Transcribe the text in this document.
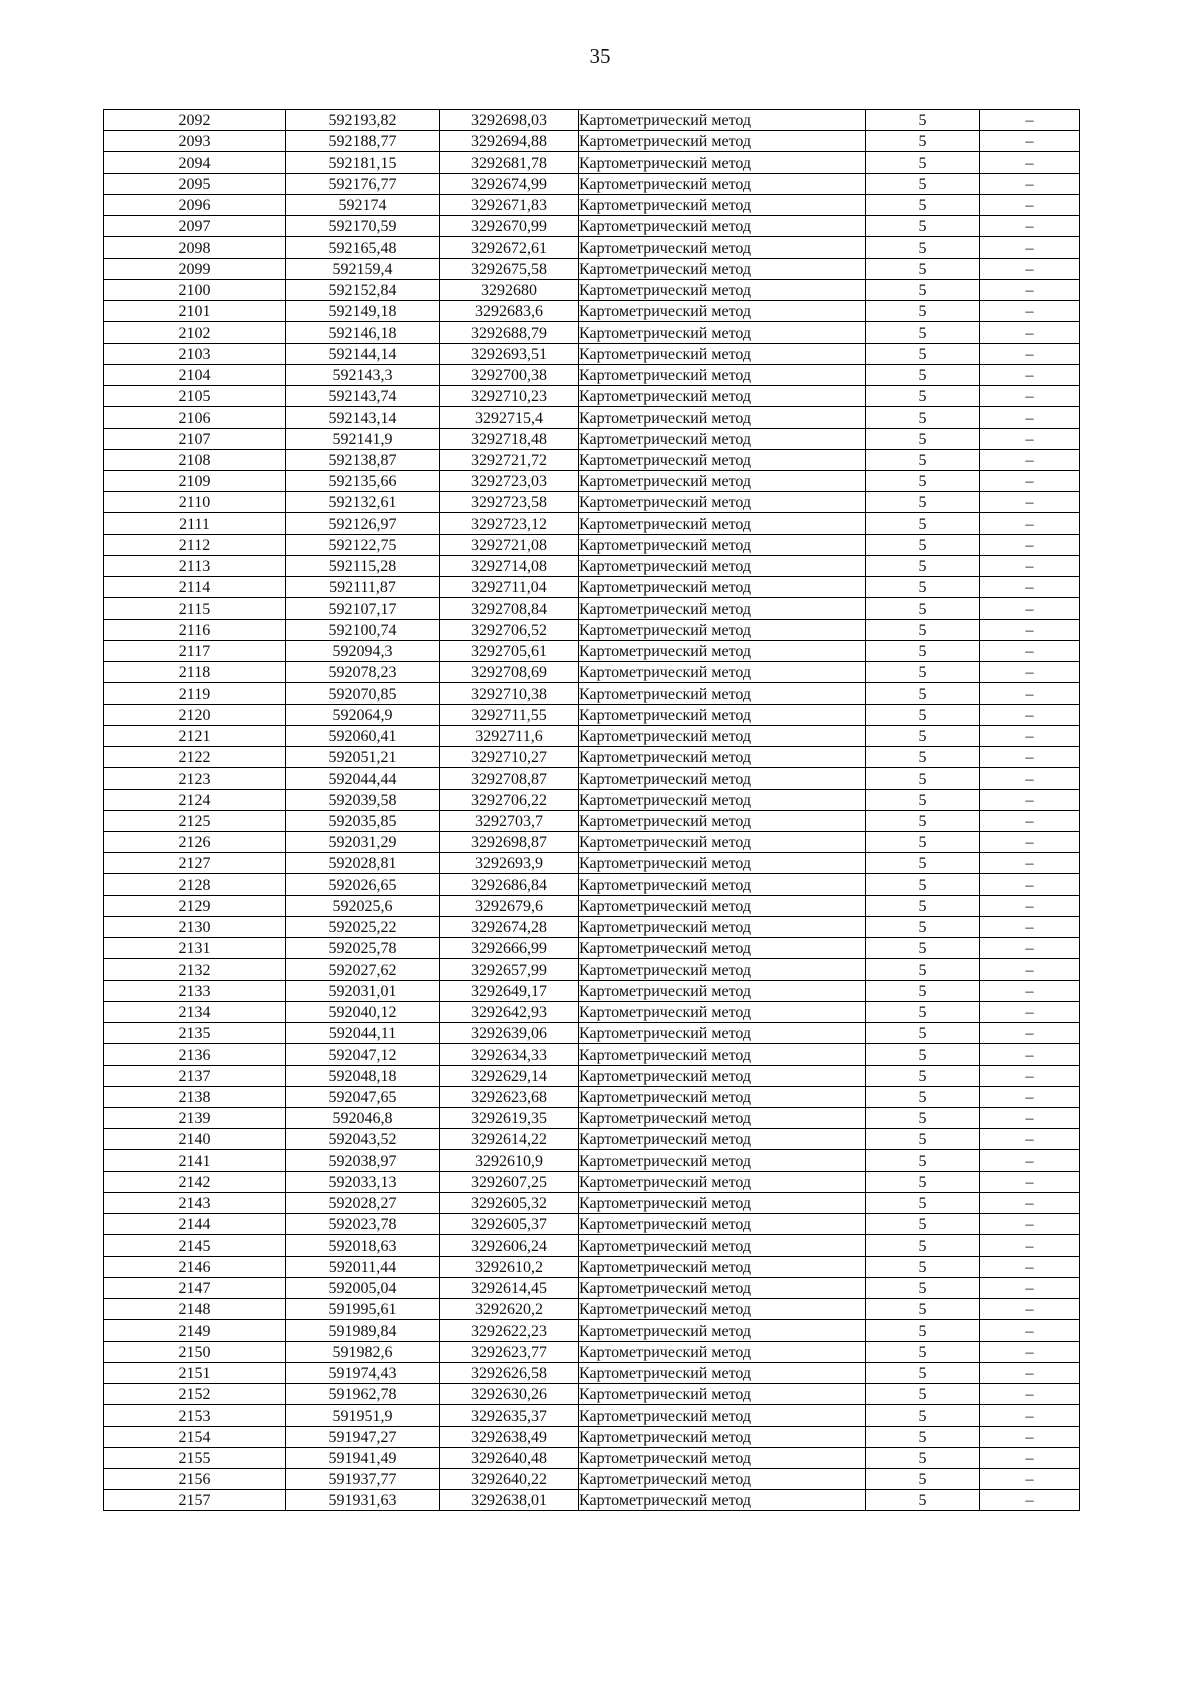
35
2092	592193,82	3292698,03	Картометрический метод	5	–
2093	592188,77	3292694,88	Картометрический метод	5	–
2094	592181,15	3292681,78	Картометрический метод	5	–
2095	592176,77	3292674,99	Картометрический метод	5	–
2096	592174	3292671,83	Картометрический метод	5	–
2097	592170,59	3292670,99	Картометрический метод	5	–
2098	592165,48	3292672,61	Картометрический метод	5	–
2099	592159,4	3292675,58	Картометрический метод	5	–
2100	592152,84	3292680	Картометрический метод	5	–
2101	592149,18	3292683,6	Картометрический метод	5	–
2102	592146,18	3292688,79	Картометрический метод	5	–
2103	592144,14	3292693,51	Картометрический метод	5	–
2104	592143,3	3292700,38	Картометрический метод	5	–
2105	592143,74	3292710,23	Картометрический метод	5	–
2106	592143,14	3292715,4	Картометрический метод	5	–
2107	592141,9	3292718,48	Картометрический метод	5	–
2108	592138,87	3292721,72	Картометрический метод	5	–
2109	592135,66	3292723,03	Картометрический метод	5	–
2110	592132,61	3292723,58	Картометрический метод	5	–
2111	592126,97	3292723,12	Картометрический метод	5	–
2112	592122,75	3292721,08	Картометрический метод	5	–
2113	592115,28	3292714,08	Картометрический метод	5	–
2114	592111,87	3292711,04	Картометрический метод	5	–
2115	592107,17	3292708,84	Картометрический метод	5	–
2116	592100,74	3292706,52	Картометрический метод	5	–
2117	592094,3	3292705,61	Картометрический метод	5	–
2118	592078,23	3292708,69	Картометрический метод	5	–
2119	592070,85	3292710,38	Картометрический метод	5	–
2120	592064,9	3292711,55	Картометрический метод	5	–
2121	592060,41	3292711,6	Картометрический метод	5	–
2122	592051,21	3292710,27	Картометрический метод	5	–
2123	592044,44	3292708,87	Картометрический метод	5	–
2124	592039,58	3292706,22	Картометрический метод	5	–
2125	592035,85	3292703,7	Картометрический метод	5	–
2126	592031,29	3292698,87	Картометрический метод	5	–
2127	592028,81	3292693,9	Картометрический метод	5	–
2128	592026,65	3292686,84	Картометрический метод	5	–
2129	592025,6	3292679,6	Картометрический метод	5	–
2130	592025,22	3292674,28	Картометрический метод	5	–
2131	592025,78	3292666,99	Картометрический метод	5	–
2132	592027,62	3292657,99	Картометрический метод	5	–
2133	592031,01	3292649,17	Картометрический метод	5	–
2134	592040,12	3292642,93	Картометрический метод	5	–
2135	592044,11	3292639,06	Картометрический метод	5	–
2136	592047,12	3292634,33	Картометрический метод	5	–
2137	592048,18	3292629,14	Картометрический метод	5	–
2138	592047,65	3292623,68	Картометрический метод	5	–
2139	592046,8	3292619,35	Картометрический метод	5	–
2140	592043,52	3292614,22	Картометрический метод	5	–
2141	592038,97	3292610,9	Картометрический метод	5	–
2142	592033,13	3292607,25	Картометрический метод	5	–
2143	592028,27	3292605,32	Картометрический метод	5	–
2144	592023,78	3292605,37	Картометрический метод	5	–
2145	592018,63	3292606,24	Картометрический метод	5	–
2146	592011,44	3292610,2	Картометрический метод	5	–
2147	592005,04	3292614,45	Картометрический метод	5	–
2148	591995,61	3292620,2	Картометрический метод	5	–
2149	591989,84	3292622,23	Картометрический метод	5	–
2150	591982,6	3292623,77	Картометрический метод	5	–
2151	591974,43	3292626,58	Картометрический метод	5	–
2152	591962,78	3292630,26	Картометрический метод	5	–
2153	591951,9	3292635,37	Картометрический метод	5	–
2154	591947,27	3292638,49	Картометрический метод	5	–
2155	591941,49	3292640,48	Картометрический метод	5	–
2156	591937,77	3292640,22	Картометрический метод	5	–
2157	591931,63	3292638,01	Картометрический метод	5	–
